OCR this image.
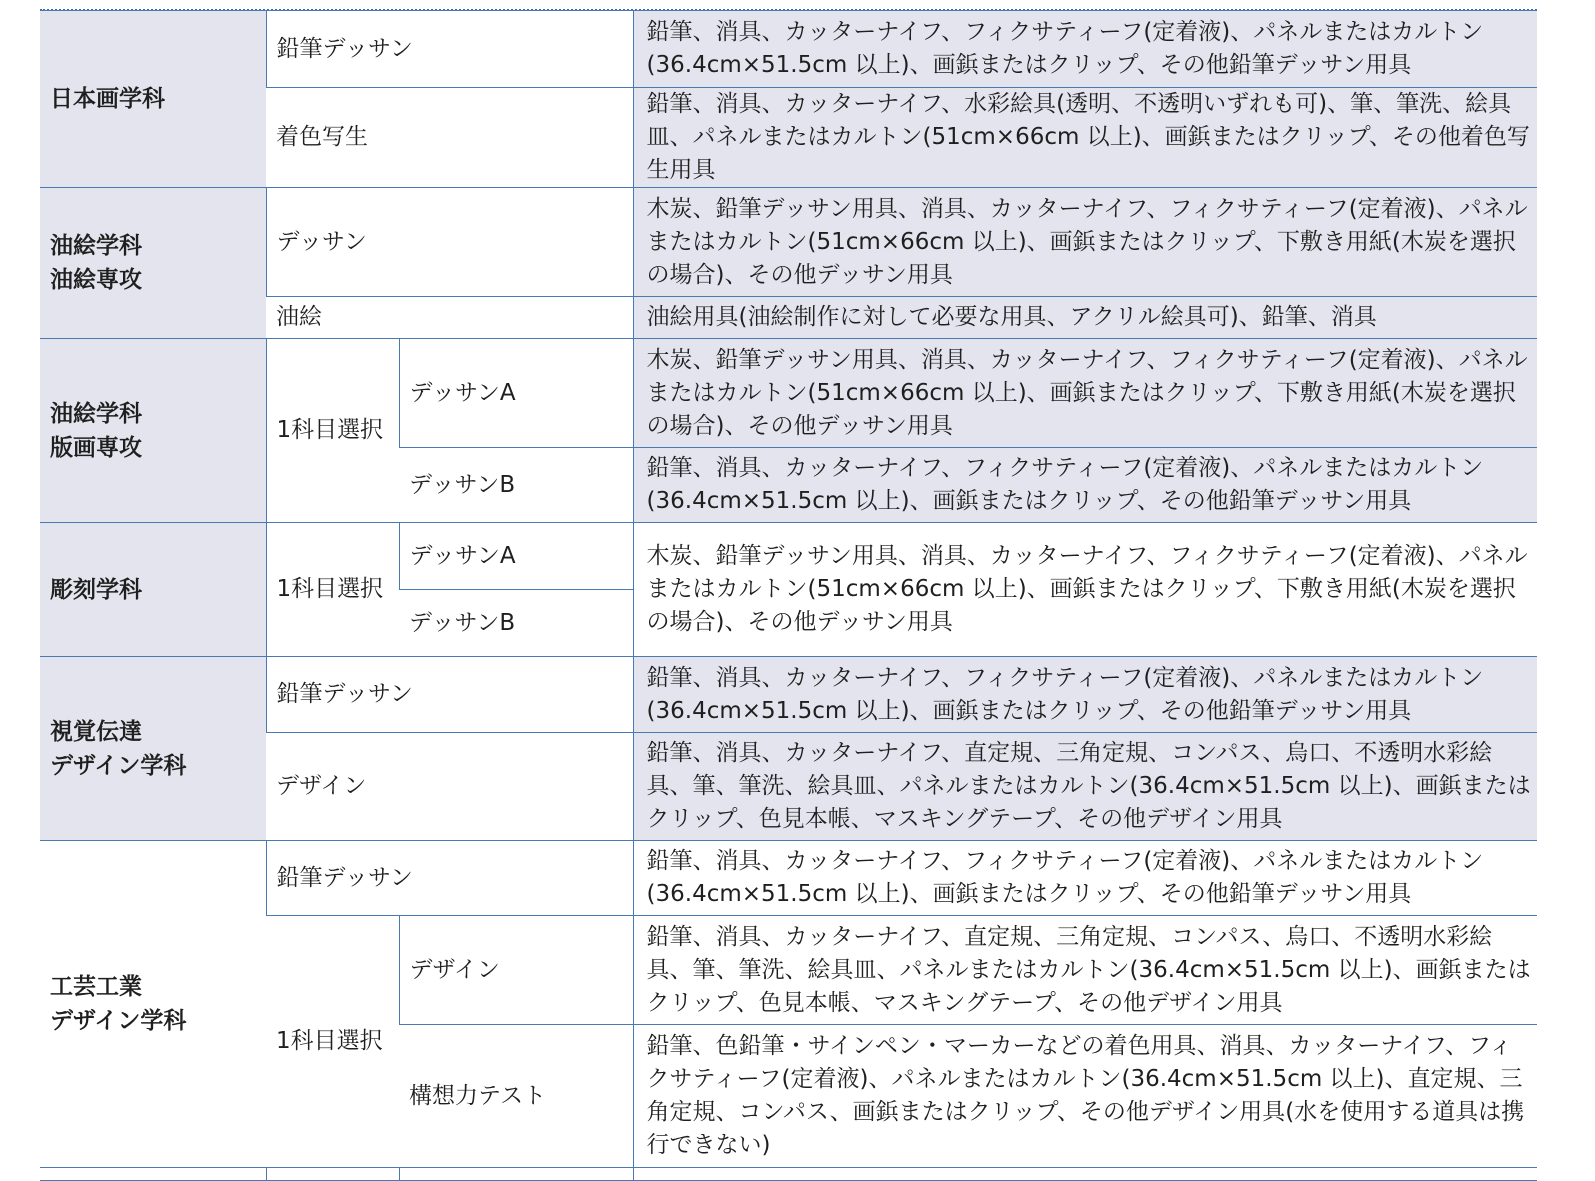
日本画学科	鉛筆デッサン		鉛筆、消具、カッターナイフ、フィクサティーフ(定着液)、パネルまたはカルトン(36.4cm×51.5cm 以上)、画鋲またはクリップ、その他鉛筆デッサン用具
	着色写生		鉛筆、消具、カッターナイフ、水彩絵具(透明、不透明いずれも可)、筆、筆洗、絵具皿、パネルまたはカルトン(51cm×66cm 以上)、画鋲またはクリップ、その他着色写生用具
油絵学科
油絵専攻	デッサン		木炭、鉛筆デッサン用具、消具、カッターナイフ、フィクサティーフ(定着液)、パネルまたはカルトン(51cm×66cm 以上)、画鋲またはクリップ、下敷き用紙(木炭を選択の場合)、その他デッサン用具
	油絵		油絵用具(油絵制作に対して必要な用具、アクリル絵具可)、鉛筆、消具
油絵学科
版画専攻	1科目選択	デッサンA	木炭、鉛筆デッサン用具、消具、カッターナイフ、フィクサティーフ(定着液)、パネルまたはカルトン(51cm×66cm 以上)、画鋲またはクリップ、下敷き用紙(木炭を選択の場合)、その他デッサン用具
		デッサンB	鉛筆、消具、カッターナイフ、フィクサティーフ(定着液)、パネルまたはカルトン(36.4cm×51.5cm 以上)、画鋲またはクリップ、その他鉛筆デッサン用具
彫刻学科	1科目選択	デッサンA	木炭、鉛筆デッサン用具、消具、カッターナイフ、フィクサティーフ(定着液)、パネルまたはカルトン(51cm×66cm 以上)、画鋲またはクリップ、下敷き用紙(木炭を選択の場合)、その他デッサン用具
		デッサンB	
視覚伝達
デザイン学科	鉛筆デッサン		鉛筆、消具、カッターナイフ、フィクサティーフ(定着液)、パネルまたはカルトン(36.4cm×51.5cm 以上)、画鋲またはクリップ、その他鉛筆デッサン用具
	デザイン		鉛筆、消具、カッターナイフ、直定規、三角定規、コンパス、烏口、不透明水彩絵具、筆、筆洗、絵具皿、パネルまたはカルトン(36.4cm×51.5cm 以上)、画鋲またはクリップ、色見本帳、マスキングテープ、その他デザイン用具
工芸工業
デザイン学科	鉛筆デッサン		鉛筆、消具、カッターナイフ、フィクサティーフ(定着液)、パネルまたはカルトン(36.4cm×51.5cm 以上)、画鋲またはクリップ、その他鉛筆デッサン用具
	1科目選択	デザイン	鉛筆、消具、カッターナイフ、直定規、三角定規、コンパス、烏口、不透明水彩絵具、筆、筆洗、絵具皿、パネルまたはカルトン(36.4cm×51.5cm 以上)、画鋲またはクリップ、色見本帳、マスキングテープ、その他デザイン用具
		構想力テスト	鉛筆、色鉛筆・サインペン・マーカーなどの着色用具、消具、カッターナイフ、フィクサティーフ(定着液)、パネルまたはカルトン(36.4cm×51.5cm 以上)、直定規、三角定規、コンパス、画鋲またはクリップ、その他デザイン用具(水を使用する道具は携行できない)
